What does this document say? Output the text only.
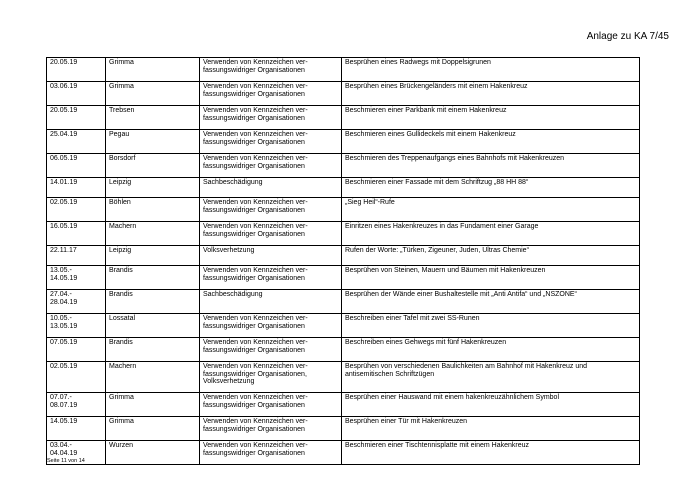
Anlage zu KA 7/45
20.05.19	Grimma	Verwenden von Kennzeichen ver-
fassungswidriger Organisationen	Besprühen eines Radwegs mit Doppelsigrunen
03.06.19	Grimma	Verwenden von Kennzeichen ver-
fassungswidriger Organisationen	Besprühen eines Brückengeländers mit einem Hakenkreuz
20.05.19	Trebsen	Verwenden von Kennzeichen ver-
fassungswidriger Organisationen	Beschmieren einer Parkbank mit einem Hakenkreuz
25.04.19	Pegau	Verwenden von Kennzeichen ver-
fassungswidriger Organisationen	Beschmieren eines Gullideckels mit einem Hakenkreuz
06.05.19	Borsdorf	Verwenden von Kennzeichen ver-
fassungswidriger Organisationen	Beschmieren des Treppenaufgangs eines Bahnhofs mit Hakenkreuzen
14.01.19	Leipzig	Sachbeschädigung	Beschmieren einer Fassade mit dem Schriftzug „88 HH 88“
02.05.19	Böhlen	Verwenden von Kennzeichen ver-
fassungswidriger Organisationen	„Sieg Heil“-Rufe
16.05.19	Machern	Verwenden von Kennzeichen ver-
fassungswidriger Organisationen	Einritzen eines Hakenkreuzes in das Fundament einer Garage
22.11.17	Leipzig	Volksverhetzung	Rufen der Worte: „Türken, Zigeuner, Juden, Ultras Chemie“
13.05.-
14.05.19	Brandis	Verwenden von Kennzeichen ver-
fassungswidriger Organisationen	Besprühen von Steinen, Mauern und Bäumen mit Hakenkreuzen
27.04.-
28.04.19	Brandis	Sachbeschädigung	Besprühen der Wände einer Bushaltestelle mit „Anti Antifa“ und „NSZONE“
10.05.-
13.05.19	Lossatal	Verwenden von Kennzeichen ver-
fassungswidriger Organisationen	Beschreiben einer Tafel mit zwei SS-Runen
07.05.19	Brandis	Verwenden von Kennzeichen ver-
fassungswidriger Organisationen	Beschreiben eines Gehwegs mit fünf Hakenkreuzen
02.05.19	Machern	Verwenden von Kennzeichen ver-
fassungswidriger Organisationen,
Volksverhetzung	Besprühen von verschiedenen Baulichkeiten am Bahnhof mit Hakenkreuz und
antisemitischen Schriftzügen
07.07.-
08.07.19	Grimma	Verwenden von Kennzeichen ver-
fassungswidriger Organisationen	Besprühen einer Hauswand mit einem hakenkreuzähnlichem Symbol
14.05.19	Grimma	Verwenden von Kennzeichen ver-
fassungswidriger Organisationen	Besprühen einer Tür mit Hakenkreuzen
03.04.-
04.04.19	Wurzen	Verwenden von Kennzeichen ver-
fassungswidriger Organisationen	Beschmieren einer Tischtennisplatte mit einem Hakenkreuz
Seite 11 von 14
